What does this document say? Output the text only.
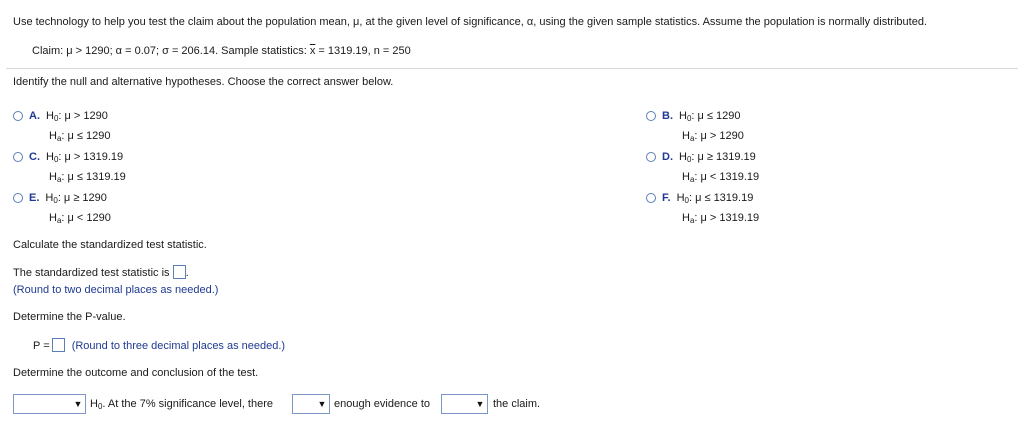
Use technology to help you test the claim about the population mean, μ, at the given level of significance, α, using the given sample statistics. Assume the population is normally distributed.
Claim: μ > 1290; α = 0.07; σ = 206.14. Sample statistics: $\overline{x} = 1319.19$, n = 250
Identify the null and alternative hypotheses. Choose the correct answer below.
A. $H_0$: μ > 1290
$H_a$: μ ≤ 1290
B. $H_0$: μ ≤ 1290
$H_a$: μ > 1290
C. $H_0$: μ > 1319.19
$H_a$: μ ≤ 1319.19
D. $H_0$: μ ≥ 1319.19
$H_a$: μ < 1319.19
E. $H_0$: μ ≥ 1290
$H_a$: μ < 1290
F. $H_0$: μ ≤ 1319.19
$H_a$: μ > 1319.19
Calculate the standardized test statistic.
The standardized test statistic is .
(Round to two decimal places as needed.)
Determine the P-value.
P = (Round to three decimal places as needed.)
Determine the outcome and conclusion of the test.
▼ $H_0$. At the 7% significance level, there	▼ enough evidence to	▼ the claim.
